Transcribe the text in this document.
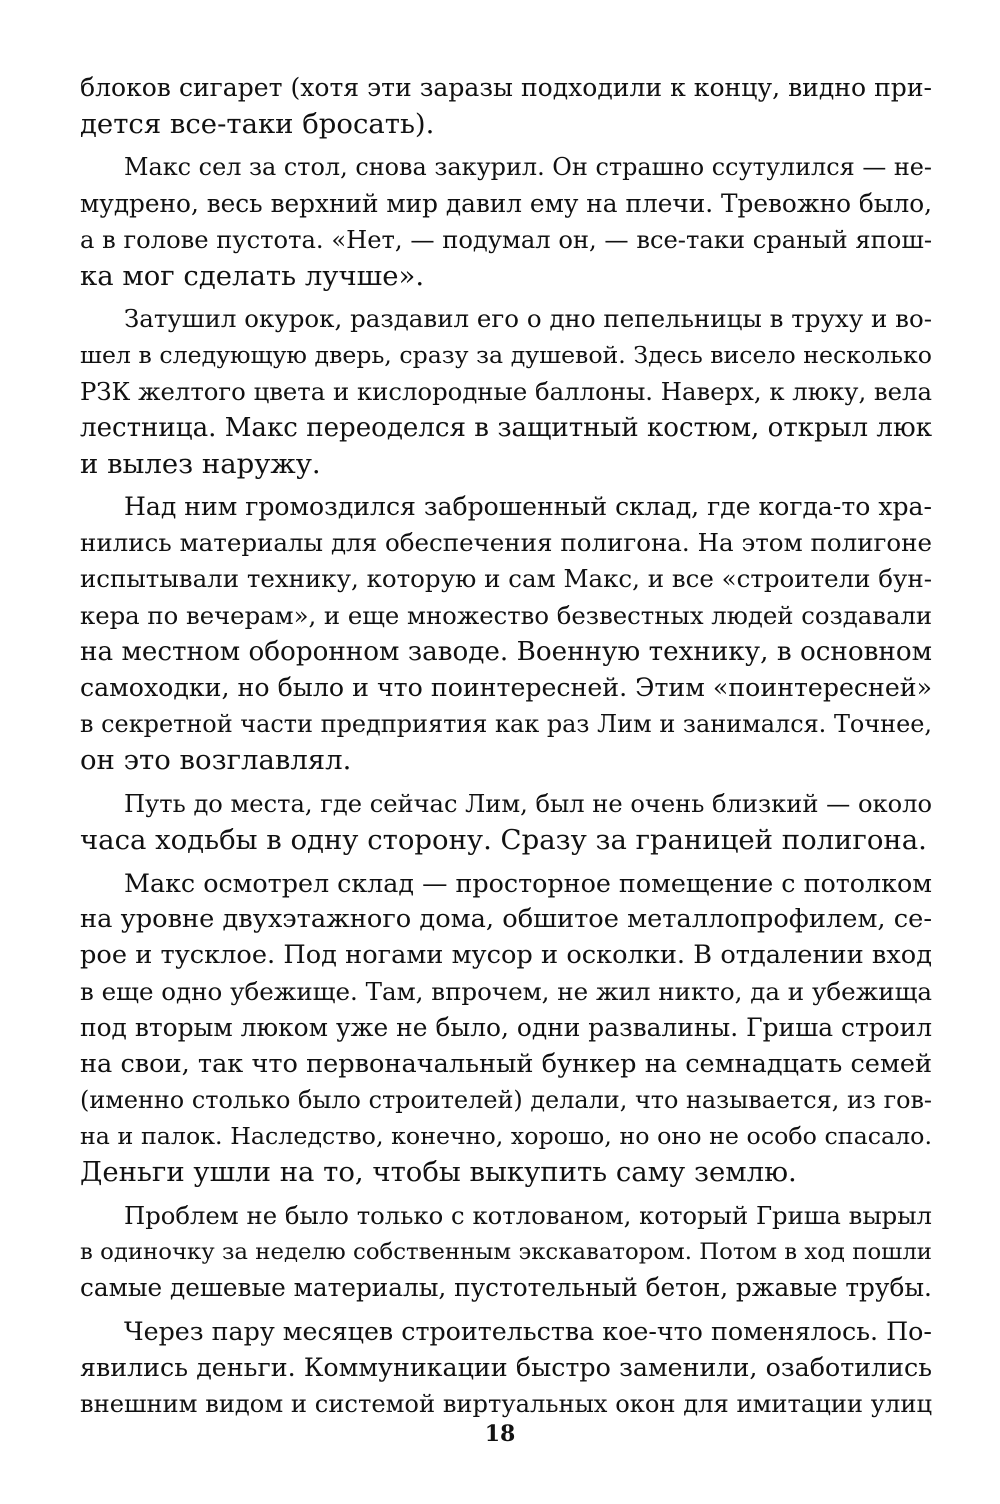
блоков сигарет (хотя эти заразы подходили к концу, видно при-
дется все-таки бросать).
Макс сел за стол, снова закурил. Он страшно ссутулился — не-
мудрено, весь верхний мир давил ему на плечи. Тревожно было,
а в голове пустота. «Нет, — подумал он, — все-таки сраный япош-
ка мог сделать лучше».
Затушил окурок, раздавил его о дно пепельницы в труху и во-
шел в следующую дверь, сразу за душевой. Здесь висело несколько
РЗК желтого цвета и кислородные баллоны. Наверх, к люку, вела
лестница. Макс переоделся в защитный костюм, открыл люк
и вылез наружу.
Над ним громоздился заброшенный склад, где когда-то хра-
нились материалы для обеспечения полигона. На этом полигоне
испытывали технику, которую и сам Макс, и все «строители бун-
кера по вечерам», и еще множество безвестных людей создавали
на местном оборонном заводе. Военную технику, в основном
самоходки, но было и что поинтересней. Этим «поинтересней»
в секретной части предприятия как раз Лим и занимался. Точнее,
он это возглавлял.
Путь до места, где сейчас Лим, был не очень близкий — около
часа ходьбы в одну сторону. Сразу за границей полигона.
Макс осмотрел склад — просторное помещение с потолком
на уровне двухэтажного дома, обшитое металлопрофилем, се-
рое и тусклое. Под ногами мусор и осколки. В отдалении вход
в еще одно убежище. Там, впрочем, не жил никто, да и убежища
под вторым люком уже не было, одни развалины. Гриша строил
на свои, так что первоначальный бункер на семнадцать семей
(именно столько было строителей) делали, что называется, из гов-
на и палок. Наследство, конечно, хорошо, но оно не особо спасало.
Деньги ушли на то, чтобы выкупить саму землю.
Проблем не было только с котлованом, который Гриша вырыл
в одиночку за неделю собственным экскаватором. Потом в ход пошли
самые дешевые материалы, пустотельный бетон, ржавые трубы.
Через пару месяцев строительства кое-что поменялось. По-
явились деньги. Коммуникации быстро заменили, озаботились
внешним видом и системой виртуальных окон для имитации улиц
18
